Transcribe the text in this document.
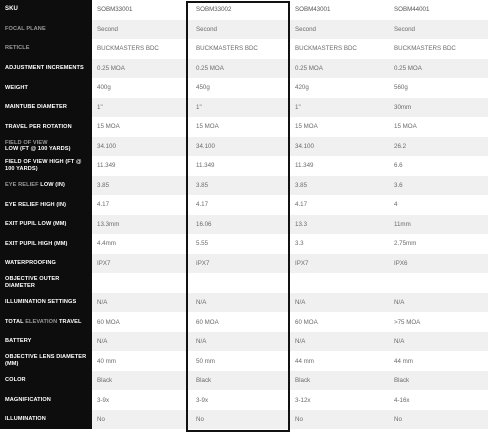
SKU	SOBM33001	SOBM33002	SOBM43001	SOBM44001
FOCAL PLANE	Second	Second	Second	Second
RETICLE	BUCKMASTERS BDC	BUCKMASTERS BDC	BUCKMASTERS BDC	BUCKMASTERS BDC
ADJUSTMENT INCREMENTS	0.25 MOA	0.25 MOA	0.25 MOA	0.25 MOA
WEIGHT	400g	450g	420g	560g
MAINTUBE DIAMETER	1"	1"	1"	30mm
TRAVEL PER ROTATION	15 MOA	15 MOA	15 MOA	15 MOA
FIELD OF VIEW
LOW (FT @ 100 YARDS)	34.100	34.100	34.100	26.2
FIELD OF VIEW HIGH (FT @ 100 YARDS)	11.349	11.349	11.349	6.6
EYE RELIEF LOW (IN)	3.85	3.85	3.85	3.6
EYE RELIEF HIGH (IN)	4.17	4.17	4.17	4
EXIT PUPIL LOW (MM)	13.3mm	16.06	13.3	11mm
EXIT PUPIL HIGH (MM)	4.4mm	5.55	3.3	2.75mm
WATERPROOFING	IPX7	IPX7	IPX7	IPX6
OBJECTIVE OUTER DIAMETER
ILLUMINATION SETTINGS	N/A	N/A	N/A	N/A
TOTAL ELEVATION TRAVEL	60 MOA	60 MOA	60 MOA	>75 MOA
BATTERY	N/A	N/A	N/A	N/A
OBJECTIVE LENS DIAMETER (MM)	40 mm	50 mm	44 mm	44 mm
COLOR	Black	Black	Black	Black
MAGNIFICATION	3-9x	3-9x	3-12x	4-16x
ILLUMINATION	No	No	No	No
